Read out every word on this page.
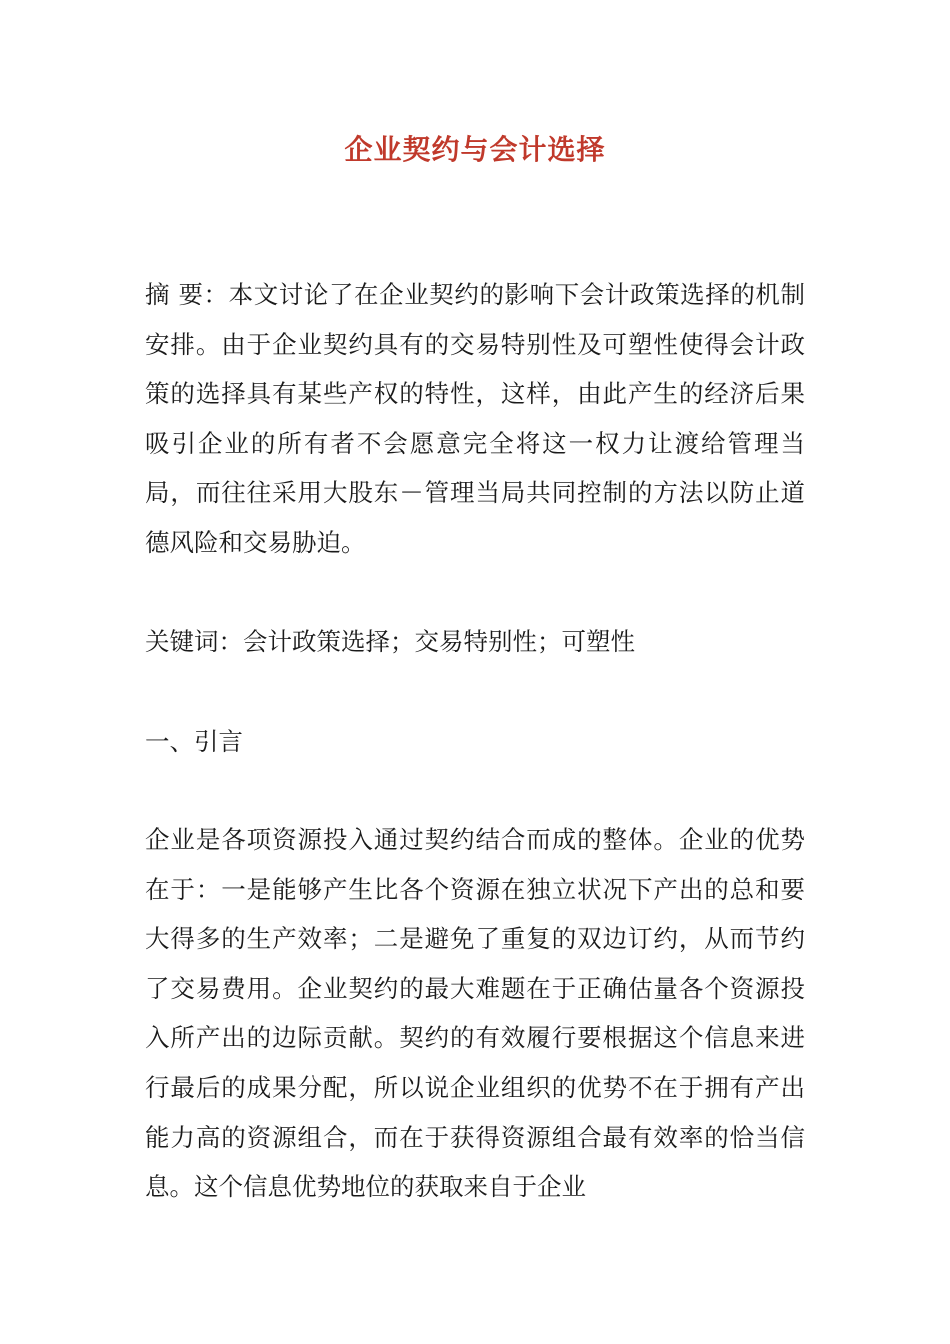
企业契约与会计选择
摘 要：本文讨论了在企业契约的影响下会计政策选择的机制安排。由于企业契约具有的交易特别性及可塑性使得会计政策的选择具有某些产权的特性，这样，由此产生的经济后果吸引企业的所有者不会愿意完全将这一权力让渡给管理当局，而往往采用大股东－管理当局共同控制的方法以防止道德风险和交易胁迫。
关键词：会计政策选择；交易特别性；可塑性
一、引言
企业是各项资源投入通过契约结合而成的整体。企业的优势在于：一是能够产生比各个资源在独立状况下产出的总和要大得多的生产效率；二是避免了重复的双边订约，从而节约了交易费用。企业契约的最大难题在于正确估量各个资源投入所产出的边际贡献。契约的有效履行要根据这个信息来进行最后的成果分配，所以说企业组织的优势不在于拥有产出能力高的资源组合，而在于获得资源组合最有效率的恰当信息。这个信息优势地位的获取来自于企业
